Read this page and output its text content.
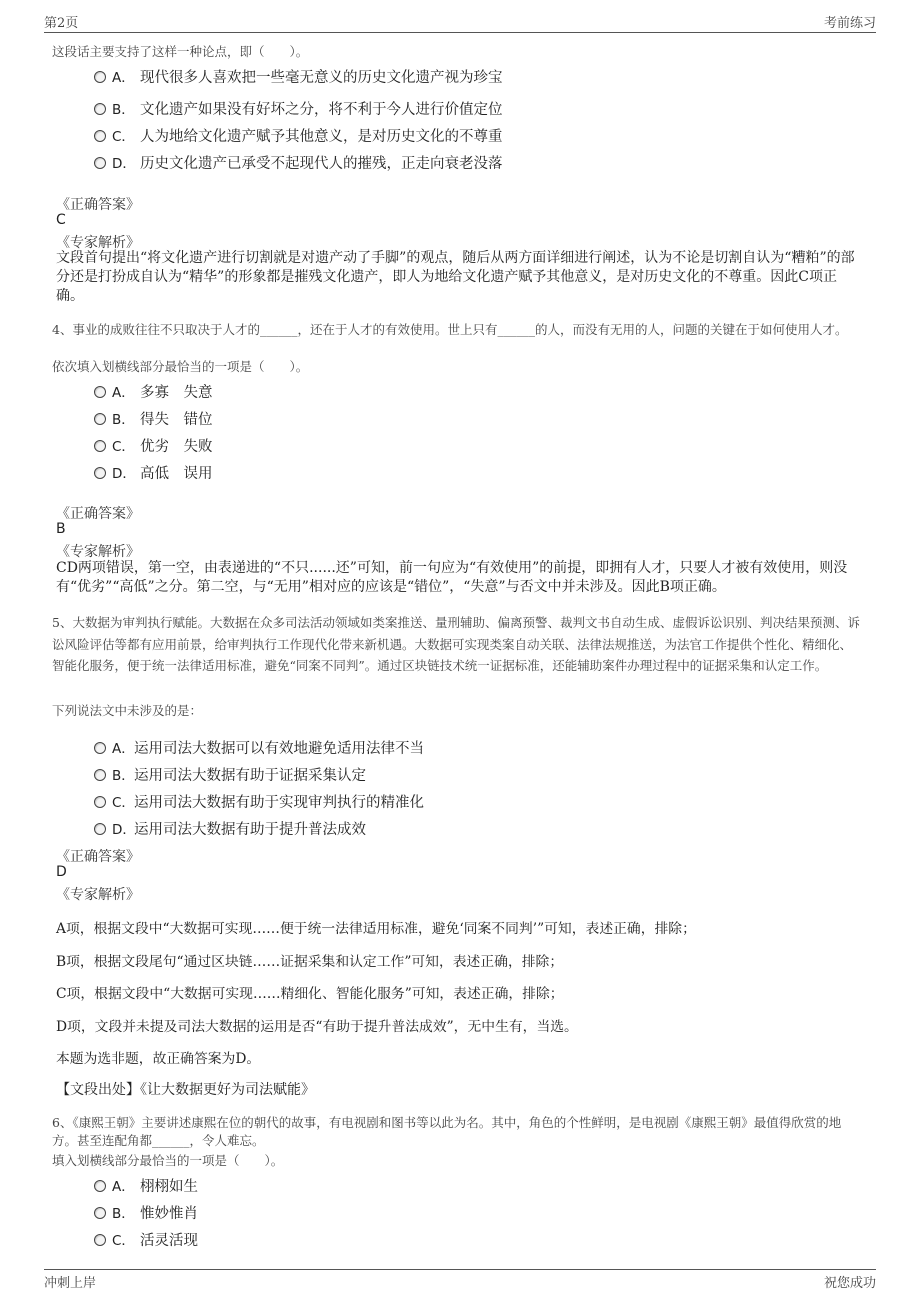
第2页	考前练习
这段话主要支持了这样一种论点，即（　　）。
A． 现代很多人喜欢把一些毫无意义的历史文化遗产视为珍宝
B． 文化遗产如果没有好坏之分，将不利于今人进行价值定位
C． 人为地给文化遗产赋予其他意义，是对历史文化的不尊重
D． 历史文化遗产已承受不起现代人的摧残，正走向衰老没落
《正确答案》
C
《专家解析》
文段首句提出“将文化遗产进行切割就是对遗产动了手脚”的观点，随后从两方面详细进行阐述，认为不论是切割自认为“糟粕”的部分还是打扮成自认为“精华”的形象都是摧残文化遗产，即人为地给文化遗产赋予其他意义，是对历史文化的不尊重。因此C项正确。
4、事业的成败往往不只取决于人才的______，还在于人才的有效使用。世上只有______的人，而没有无用的人，问题的关键在于如何使用人才。
依次填入划横线部分最恰当的一项是（　　）。
A． 多寡　失意
B． 得失　错位
C． 优劣　失败
D． 高低　误用
《正确答案》
B
《专家解析》
CD两项错误，第一空，由表递进的“不只......还”可知，前一句应为“有效使用”的前提，即拥有人才，只要人才被有效使用，则没有“优劣”“高低”之分。第二空，与“无用”相对应的应该是“错位”，“失意”与否文中并未涉及。因此B项正确。
5、大数据为审判执行赋能。大数据在众多司法活动领域如类案推送、量刑辅助、偏离预警、裁判文书自动生成、虚假诉讼识别、判决结果预测、诉讼风险评估等都有应用前景，给审判执行工作现代化带来新机遇。大数据可实现类案自动关联、法律法规推送，为法官工作提供个性化、精细化、智能化服务，便于统一法律适用标准，避免“同案不同判”。通过区块链技术统一证据标准，还能辅助案件办理过程中的证据采集和认定工作。
下列说法文中未涉及的是：
A．运用司法大数据可以有效地避免适用法律不当
B．运用司法大数据有助于证据采集认定
C．运用司法大数据有助于实现审判执行的精准化
D．运用司法大数据有助于提升普法成效
《正确答案》
D
《专家解析》
A项，根据文段中“大数据可实现……便于统一法律适用标准，避免‘同案不同判’”可知，表述正确，排除；
B项，根据文段尾句“通过区块链……证据采集和认定工作”可知，表述正确，排除；
C项，根据文段中“大数据可实现……精细化、智能化服务”可知，表述正确，排除；
D项，文段并未提及司法大数据的运用是否“有助于提升普法成效”，无中生有，当选。
本题为选非题，故正确答案为D。
【文段出处】《让大数据更好为司法赋能》
6、《康熙王朝》主要讲述康熙在位的朝代的故事，有电视剧和图书等以此为名。其中，角色的个性鲜明，是电视剧《康熙王朝》最值得欣赏的地方。甚至连配角都______，令人难忘。
填入划横线部分最恰当的一项是（　　）。
A． 栩栩如生
B． 惟妙惟肖
C． 活灵活现
冲刺上岸	祝您成功
